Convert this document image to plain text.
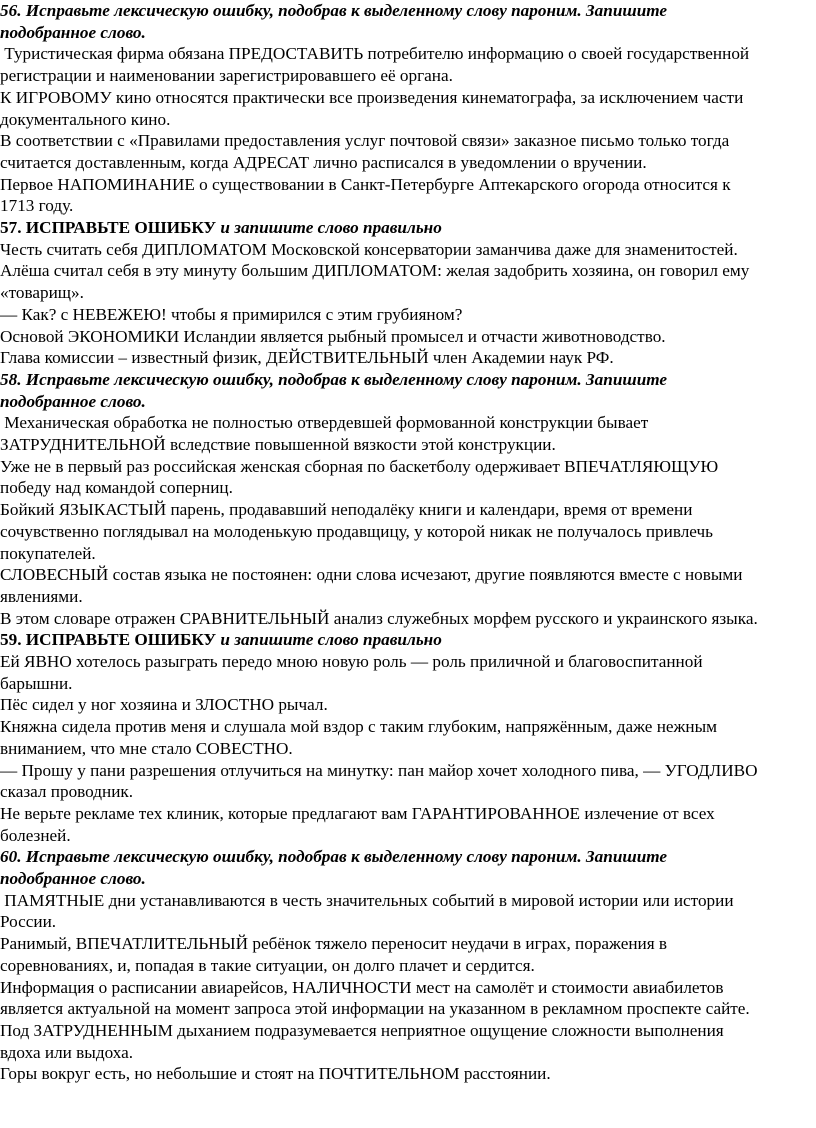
56. Исправьте лексическую ошибку, подобрав к выделенному слову пароним. Запишите
подобранное слово.
Туристическая фирма обязана ПРЕДОСТАВИТЬ потребителю информацию о своей государственной
регистрации и наименовании зарегистрировавшего её органа.
К ИГРОВОМУ кино относятся практически все произведения кинематографа, за исключением части
документального кино.
В соответствии с «Правилами предоставления услуг почтовой связи» заказное письмо только тогда
считается доставленным, когда АДРЕСАТ лично расписался в уведомлении о вручении.
Первое НАПОМИНАНИЕ о существовании в Санкт-Петербурге Аптекарского огорода относится к
1713 году.
57. ИСПРАВЬТЕ ОШИБКУ и запишите слово правильно
Честь считать себя ДИПЛОМАТОМ Московской консерватории заманчива даже для знаменитостей.
Алёша считал себя в эту минуту большим ДИПЛОМАТОМ: желая задобрить хозяина, он говорил ему
«товарищ».
— Как? с НЕВЕЖЕЮ! чтобы я примирился с этим грубияном?
Основой ЭКОНОМИКИ Исландии является рыбный промысел и отчасти животноводство.
Глава комиссии – известный физик, ДЕЙСТВИТЕЛЬНЫЙ член Академии наук РФ.
58. Исправьте лексическую ошибку, подобрав к выделенному слову пароним. Запишите
подобранное слово.
Механическая обработка не полностью отвердевшей формованной конструкции бывает
ЗАТРУДНИТЕЛЬНОЙ вследствие повышенной вязкости этой конструкции.
Уже не в первый раз российская женская сборная по баскетболу одерживает ВПЕЧАТЛЯЮЩУЮ
победу над командой соперниц.
Бойкий ЯЗЫКАСТЫЙ парень, продававший неподалёку книги и календари, время от времени
сочувственно поглядывал на молоденькую продавщицу, у которой никак не получалось привлечь
покупателей.
СЛОВЕСНЫЙ состав языка не постоянен: одни слова исчезают, другие появляются вместе с новыми
явлениями.
В этом словаре отражен СРАВНИТЕЛЬНЫЙ анализ служебных морфем русского и украинского языка.
59. ИСПРАВЬТЕ ОШИБКУ и запишите слово правильно
Ей ЯВНО хотелось разыграть передо мною новую роль — роль приличной и благовоспитанной
барышни.
Пёс сидел у ног хозяина и ЗЛОСТНО рычал.
Княжна сидела против меня и слушала мой вздор с таким глубоким, напряжённым, даже нежным
вниманием, что мне стало СОВЕСТНО.
— Прошу у пани разрешения отлучиться на минутку: пан майор хочет холодного пива, — УГОДЛИВО
сказал проводник.
Не верьте рекламе тех клиник, которые предлагают вам ГАРАНТИРОВАННОЕ излечение от всех
болезней.
60. Исправьте лексическую ошибку, подобрав к выделенному слову пароним. Запишите
подобранное слово.
ПАМЯТНЫЕ дни устанавливаются в честь значительных событий в мировой истории или истории
России.
Ранимый, ВПЕЧАТЛИТЕЛЬНЫЙ ребёнок тяжело переносит неудачи в играх, поражения в
соревнованиях, и, попадая в такие ситуации, он долго плачет и сердится.
Информация о расписании авиарейсов, НАЛИЧНОСТИ мест на самолёт и стоимости авиабилетов
является актуальной на момент запроса этой информации на указанном в рекламном проспекте сайте.
Под ЗАТРУДНЕННЫМ дыханием подразумевается неприятное ощущение сложности выполнения
вдоха или выдоха.
Горы вокруг есть, но небольшие и стоят на ПОЧТИТЕЛЬНОМ расстоянии.
